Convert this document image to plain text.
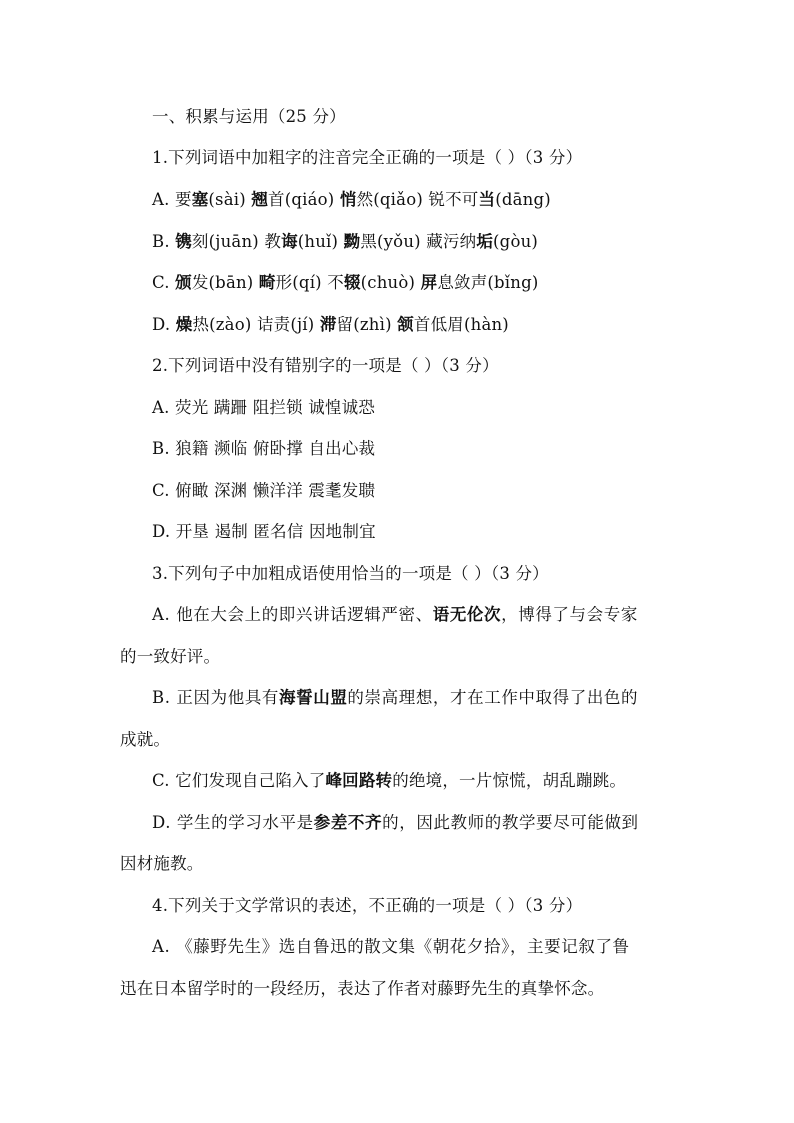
一、积累与运用（25 分）
1.下列词语中加粗字的注音完全正确的一项是（ ）（3 分）
A. 要塞(sài) 翘首(qiáo) 悄然(qiǎo) 锐不可当(dāng)
B. 镌刻(juān) 教诲(huǐ) 黝黑(yǒu) 藏污纳垢(gòu)
C. 颁发(bān) 畸形(qí) 不辍(chuò) 屏息敛声(bǐng)
D. 燥热(zào) 诘责(jí) 滞留(zhì) 颔首低眉(hàn)
2.下列词语中没有错别字的一项是（ ）（3 分）
A. 荧光 蹒跚 阻拦锁 诚惶诚恐
B. 狼籍 濒临 俯卧撑 自出心裁
C. 俯瞰 深渊 懒洋洋 震耄发聩
D. 开垦 遏制 匿名信 因地制宜
3.下列句子中加粗成语使用恰当的一项是（ ）（3 分）
A. 他在大会上的即兴讲话逻辑严密、语无伦次，博得了与会专家
的一致好评。
B. 正因为他具有海誓山盟的崇高理想，才在工作中取得了出色的
成就。
C. 它们发现自己陷入了峰回路转的绝境，一片惊慌，胡乱蹦跳。
D. 学生的学习水平是参差不齐的，因此教师的教学要尽可能做到
因材施教。
4.下列关于文学常识的表述，不正确的一项是（ ）（3 分）
A. 《藤野先生》选自鲁迅的散文集《朝花夕拾》，主要记叙了鲁
迅在日本留学时的一段经历，表达了作者对藤野先生的真挚怀念。
